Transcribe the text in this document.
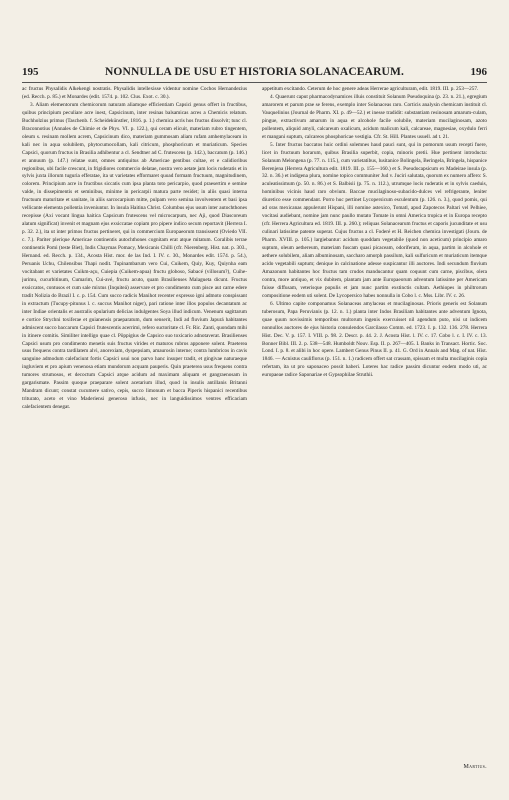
195	NONNULLA DE USU ET HISTORIA SOLANACEARUM.	196

ac fructus Physalidis Alkekengi nostratis. Physalidis intellexisse videntur nomine Cochos Hernandezius (ed. Recch. p. 85.) et Monardes (edit. 1574. p. 102. Clus. Exot. c. 30.).

3. Aliam elementorum chemicorum naturam aliamque efficientiam Capsici genus offert in fructibus, quibus principium peculiare acre inest, Capsicinum, inter resinas balsamicas acres a Chemicis relatum. Buchholzius primus (Taschenb. f. Scheidekünstler, 1816. p. 1.) chemica acris hos fructus dissolvit; tunc cl. Braconnotius (Annales de Chimie et de Phys. VI. p. 122.), qui ceram elicuit, materiam rubro tingentem, oleum s. resinam mollem acrem, Capsicinum dico, materiam gummosam aliam rufam amhemylaceam in kali nec in aqua solubilem, phytocumocollam, kali citricum, phosphoricum et muriaticum. Species Capsici, quorum fructus in Brasilia adhibentur a cl. Sendtner ad C. frutescens (p. 142.), baccatum (p. 146.) et annuum (p. 147.) relatae sunt, omnes antiquitus ab Americae gentibus cultae, et e calidioribus regionibus, ubi facile crescunt, in frigidiores commercio delatae, nostra vero aetate jam locis ruderatis et in sylvis juxta illorum tuguria efferatae, ita ut varietates efformaret quoad formam fructuum, magnitudinem, colorem. Principium acre in fructibus siccatis cum ipsa planta toto pericarpio, quod praesertim e semine valde, in dissepimentis et seminibus, minime in pericarpii matura parte residet; in aliis quasi interna fructuum maturitate et sanitate, in aliis sarcocarpium mitte, pulpam vero semina involventem et basi ipsa vellicante elementa pollentia inveniuntur. In insula Haitina Christ. Columbus ejus usum inter autochthones recepisse (Axi vocant lingua haitica Capsicum frutescens vel microcarpum, nec Aji, quod Diascoreum alatum significat) invenit et magnam ejus exsiccatae copiam pro pipere indico secum reportavit (Herrera I. p. 32. 2.), ita ut inter primos fructus pertineret, qui in commercium Europaeorum transissent (Oviedo VII. c. 7.). Pariter plerique Americae continentis autochthones cognitam erat atque mitatum. Coralibis terrae continentis Pomi (teste Biet), Indis Chaymas Pomacy, Mexicanis Chilli (cfr. Nierenberg. Hist. nat. p. 303., Hernand. ed. Recch. p. 134., Acosta Hist. mor. de las Ind. I. IV. c. 30., Monardes edit. 1574. p. 54.), Peruanis Uchu, Chilensibus Thapi nodit. Tupinambarum vero Cui, Cuikem, Quiy, Kuy, Quiynha eam vocitabant et varietates Cuikm-açu, Cuiepia (Cuikem-apua) fructu globoso, Sabacé (villosum?), Cuihe-jurimu, cucurbitinum, Cumarim, Cui-avé, fructu acuto, quam Brasilienses Malagueta dicunt. Fructus exsiccatos, contusos et cum sale mixtus (Inquiteá) asservare et pro condimento cum pisce aut carne edere tradit Nolizia do Brazil I. c. p. 154. Cum succo radicis Manihot recenter expresso igni admoto conspissant in extractum (Tucupy-pitunus l. c. succus Manihot niger), pari ratione inter illos populos decantatum ac inter Indiae orientalis et australis opularium delicias indulgentes Soya illud indicum. Venenum sagittarum e cortice Strychni toxiferae et guianensis praeparatum, dum senserit, Indi ad fluvium Japurá habitantes admiscent succo baccarum Capsici frutescentis acerrimi, refero suctoritate cl. Fr. Ric. Zanti, quondam mihi in itinere comitis. Similiter intelligo quae cl. Pöppigius de Capsico suo toxicario adnotaverat. Brasilienses Capsici usum pro condimento menetis suis fructus virides et maturos rubros apponere solent. Praeterea usus frequens contra tardilatem alvi, anorexiam, dyspepsiam, amaurosin interne; contra lumbricos in cavis sanguine admodum calefaciunt fortis Capsici usui non parvo hanc insuper tradit, et gingivae naturaeque ingluviem et pro apium venenosa etiam mundorum acquam pauperis. Quin praeterea usus frequens contra tumores strumosos, et decoctum Capsici atque acidum ad maximam aliquam et gangraenosam in gargarismate. Passim quoque praeparare solent acetarium illud, quod in insulis antillanis Britanni Mandram dicunt; constat cucumere sativo, cepis, succo limonum et bacca Piperis hispanici recentibus triturato, aceto et vino Maderiensi generoso infusis, nec in languidissimos ventres efficaciam calefacientem denegat.

appetitum excitando. Ceterum de hoc genere adeas Herrerae agriculturam, edit. 1819. III. p. 253—257.

4. Quaerunt caput pharmacodynamices illuis constituit Solanum Pseudoquina (p. 23. n. 21.), egregium amarorem et parum prae se ferens, exemplo inter Solanaceas raro. Corticis analysin chemicam instituit cl. Vauquelinius (Journal de Pharm. XI. p. 49—52.) et inesse tradidit: substantiam resinosam amarum-culam, pingue, extractivum amarum in aqua et alcohole facile solubile, materiam mucilaginosam, azoto pollentem, aliquid amyli, calcareum oxalicum, acidum malicum kali, calcareae, magnesiae, oxydulo ferri et mangani suptum, calcareos phosphoricae vestigia. Cfr. St. Hill. Plantes usuell. ad t. 21.

5. Inter fructus baccatos huic ordini solemnes haud pauci sunt, qui in pomorum usum recepti fuere, licet in fructuum horarum, quibus Brasilia superbit, copia, minoris pretii. Hue pertinent introducta: Solanum Melongena (p. 77. n. 115.), cum varietatibus, lusitanice Bolingela, Beringela, Bringela, hispanice Berenjena (Herrera Agricultura edit. 1819. III. p. 155—160.) et S. Pseudocapsicum ex Madeirae insula (p. 32. n. 36.) et indigena plura, nomine topico communiter Jud v. Juciri salutata, quorum ex numero affero: S. aculeatissimum (p. 50. n. 86.) et S. Balbisii (p. 75. n. 112.), utrumque locis ruderatis et in sylvis caeduis, hominibus vicinis haud raro obvium. Baccae mucilaginoso-subacido-dulces vel refrigerante, leniter diuretico esse commendant. Porro huc pertinet Lycopersicum esculentum (p. 126. n. 3.), quod pomis, qui ad oras mexicanas appulerunt Hispani, illi nomine astexico, Tomatl, apud Zapotecos Paltari vel Pelhiee, vocitasi audiebant, nomine jam nunc paullo mutato Tomate in omni America tropica et in Europa recepto (cfr. Herrera Agricultura ed. 1819. III. p. 260.); reliquas Solanacearum fructus et caporis jucunditate et usu culinari latissime patente superat. Cujus fructus a cl. Foderé et H. Reichen chemica investigati (Journ. de Pharm. XVIII. p. 105.) largiebantur: acidum quoddam vegetabile (quod non aceticum) principio amaro suptum, oleum aethereum, materiam fuscam quasi picaceam, odoriferam, in aqua, partim in alcohole et aethere solubilem, aliam albuminosam, saccharo amorph passilum, kali sulfuricum et muriaticum itemque acido vegetabili suptum; denique in calcinatione adesse suspicantur illi auctores. Indi secundum fluvium Amazonum habitantes hoc fructus tam crudos manducantur quam coquunt cum carne, piscibus, olera contra, more antiquo, et vix dubitem, plantam jam ante Europaeorum adventum latissime per Americam fuisse diffusam, veterisque populis et jam nunc partim exstinctis cultam. Aethiopes in philtrorum compositione eodem uti solent. De Lycopersico habes nonnulla in Cobo l. c. Mss. Libr. IV. c. 26.

6. Ultimo capite componamus Solanaceas amylaceas et mucilaginosas. Prioris generis est Solanum tuberosum, Papa Peruvianis (p. 12. n. 1.) planta inter Indos Brasiliam habitantes ante adventum Ignota, quae quum novissimis temporibus multorum ingenis exercuisset nil agendum puto, nisi ut indicem nonnullos auctores de ejus historia consulendos Garcilasso Comm. ed. 1723. I. p. 132. 136. 278. Herrera Hist. Dec. V. p. 157. I. VIII. p. 98. 2. Descr. p. 44. 2. J. Acosta Hist. l. IV. c. 17. Cobo l. c. I. IV. c. 13. Bonner Bibl. III. 2. p. 538—548. Humboldt Nouv. Esp. II. p. 267—405. I. Banks in Transact. Hortic. Soc. Lond. I. p. 8. et alibi in hoc opere. Lambert Genus Pinus II. p. 41. G. Ord in Annals and Mag. of nat. Hist. 1846. — Acnistus cauliflorus (p. 151. n. 1.) radicem offert sat crassam, spissam et multa mucilaginis copia refertam, ita ut pro saponaceo possit haberi. Loteres hac radice passim dicuntur eodem modo uti, ac europaeae radice Saponariae et Gypsophilae Struthii.

Martius.
